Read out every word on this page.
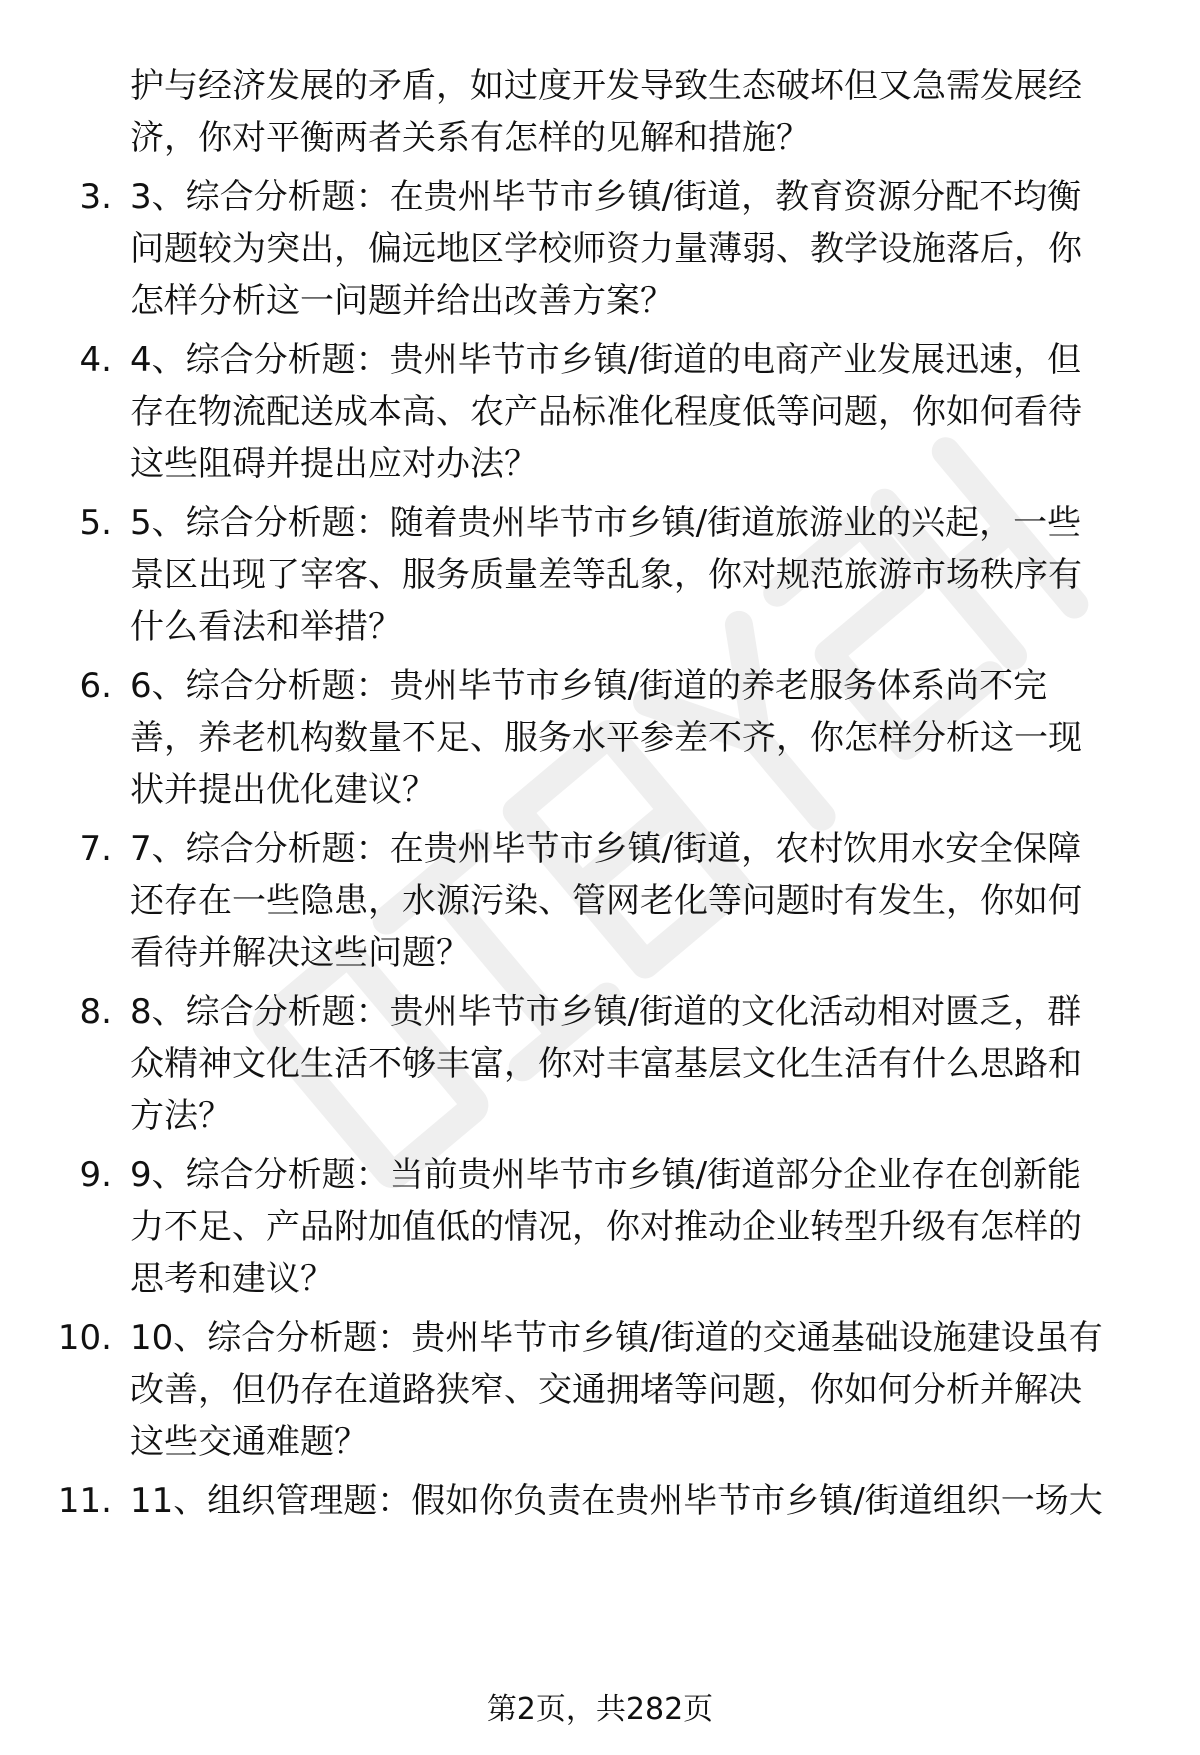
护与经济发展的矛盾，如过度开发导致生态破坏但又急需发展经
济，你对平衡两者关系有怎样的见解和措施？
3. 3、综合分析题：在贵州毕节市乡镇/街道，教育资源分配不均衡
问题较为突出，偏远地区学校师资力量薄弱、教学设施落后，你
怎样分析这一问题并给出改善方案？
4. 4、综合分析题：贵州毕节市乡镇/街道的电商产业发展迅速，但
存在物流配送成本高、农产品标准化程度低等问题，你如何看待
这些阻碍并提出应对办法？
5. 5、综合分析题：随着贵州毕节市乡镇/街道旅游业的兴起，一些
景区出现了宰客、服务质量差等乱象，你对规范旅游市场秩序有
什么看法和举措？
6. 6、综合分析题：贵州毕节市乡镇/街道的养老服务体系尚不完
善，养老机构数量不足、服务水平参差不齐，你怎样分析这一现
状并提出优化建议？
7. 7、综合分析题：在贵州毕节市乡镇/街道，农村饮用水安全保障
还存在一些隐患，水源污染、管网老化等问题时有发生，你如何
看待并解决这些问题？
8. 8、综合分析题：贵州毕节市乡镇/街道的文化活动相对匮乏，群
众精神文化生活不够丰富，你对丰富基层文化生活有什么思路和
方法？
9. 9、综合分析题：当前贵州毕节市乡镇/街道部分企业存在创新能
力不足、产品附加值低的情况，你对推动企业转型升级有怎样的
思考和建议？
10. 10、综合分析题：贵州毕节市乡镇/街道的交通基础设施建设虽有
改善，但仍存在道路狭窄、交通拥堵等问题，你如何分析并解决
这些交通难题？
11. 11、组织管理题：假如你负责在贵州毕节市乡镇/街道组织一场大
第2页，共282页
